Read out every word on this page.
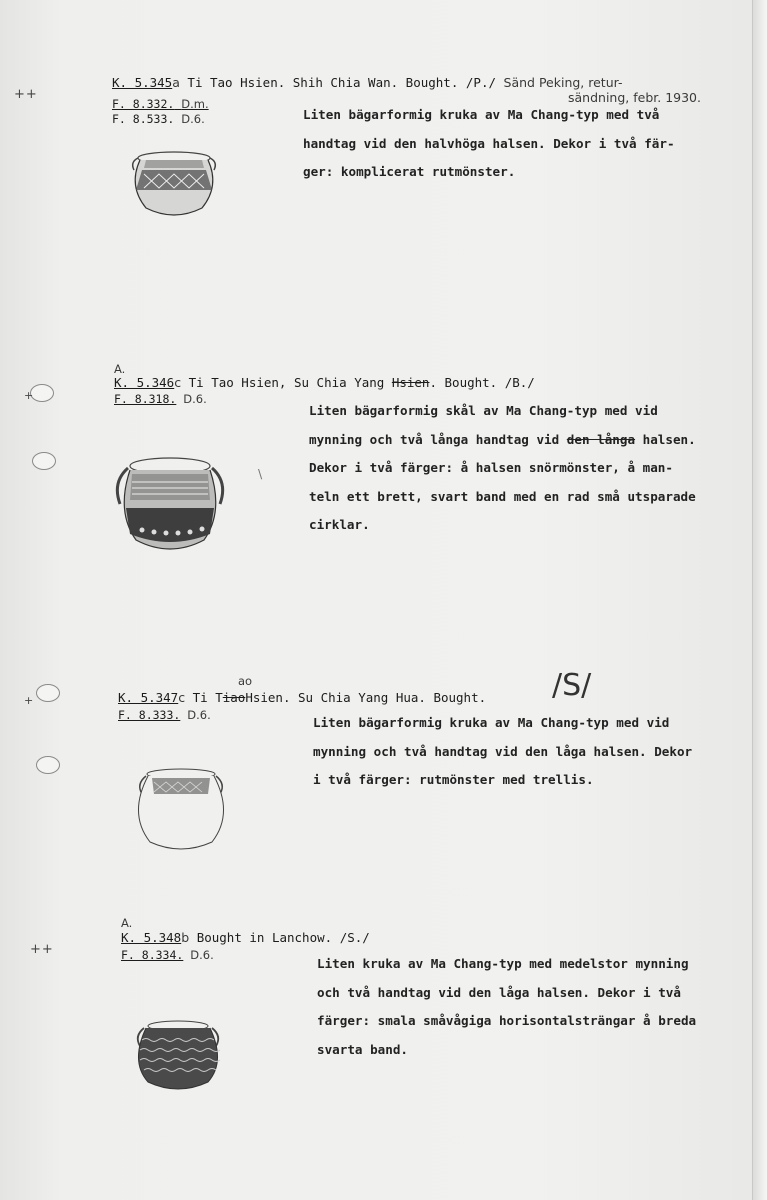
++
+
+
++
K. 5.345a Ti Tao Hsien. Shih Chia Wan. Bought. /P./ Sänd Peking, retur-
sändning, febr. 1930.
F. 8.332. D.m.
F. 8.533. D.6.	Liten bägarformig kruka av Ma Chang-typ med två
handtag vid den halvhöga halsen. Dekor i två fär-
ger: komplicerat rutmönster.
A.
K. 5.346c Ti Tao Hsien, Su Chia Yang Hsien. Bought. /B./
F. 8.318. D.6.
Liten bägarformig skål av Ma Chang-typ med vid
mynning och två långa handtag vid den långa halsen.
Dekor i två färger: å halsen snörmönster, å man-
teln ett brett, svart band med en rad små utsparade
cirklar.
\
K. 5.347c Ti TiaoHsien. Su Chia Yang Hua. Bought.
ao	/S/
F. 8.333. D.6.	Liten bägarformig kruka av Ma Chang-typ med vid
mynning och två handtag vid den låga halsen. Dekor
i två färger: rutmönster med trellis.
A.
K. 5.348b Bought in Lanchow. /S./
F. 8.334. D.6.
Liten kruka av Ma Chang-typ med medelstor mynning
och två handtag vid den låga halsen. Dekor i två
färger: smala småvågiga horisontalsträngar å breda
svarta band.
